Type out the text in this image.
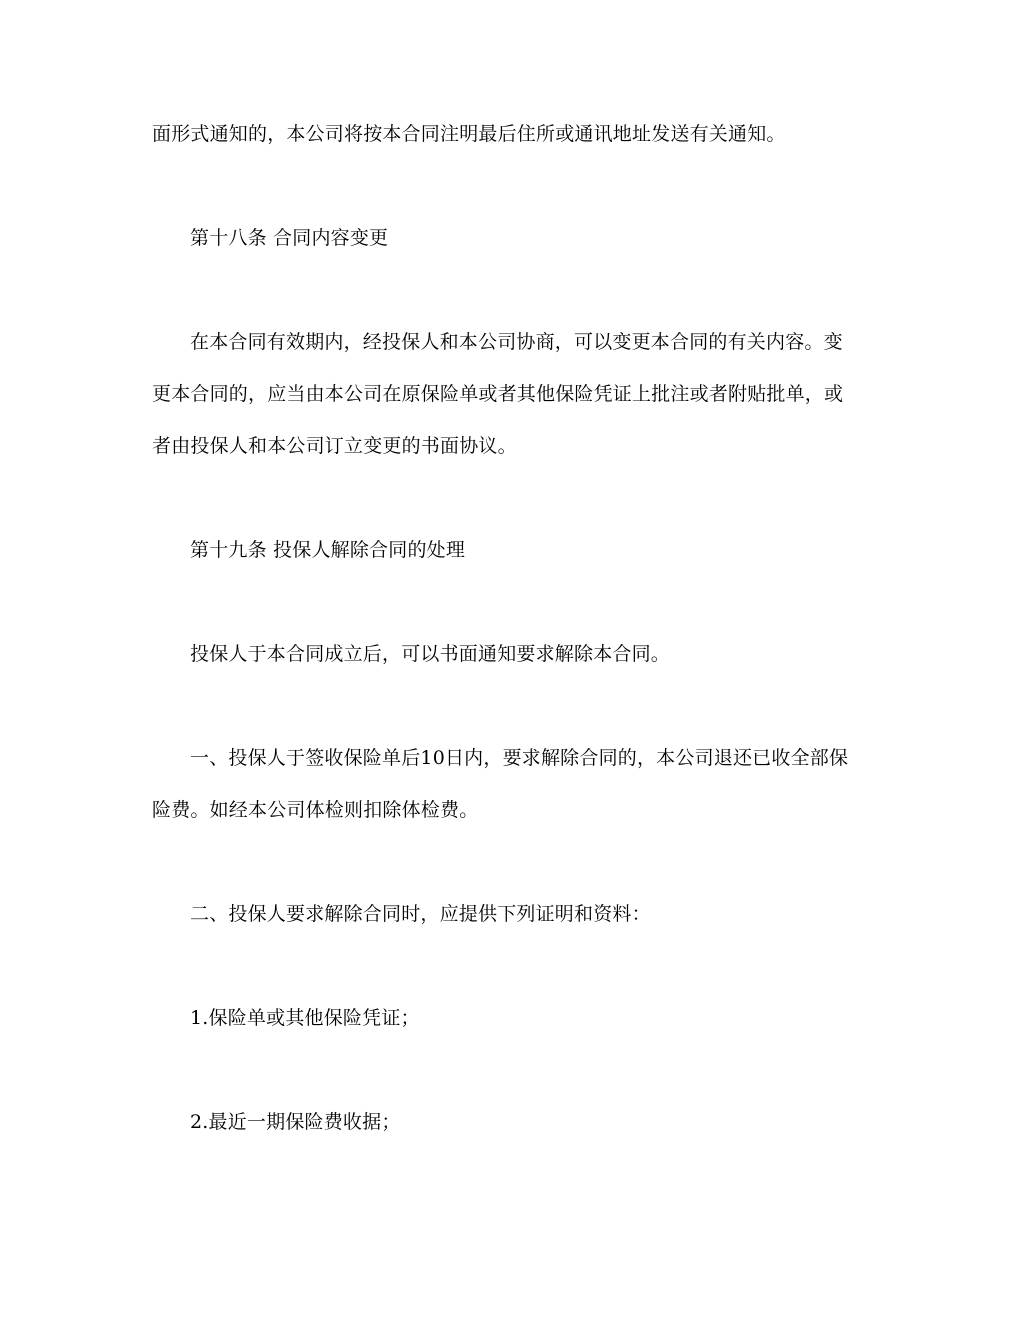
面形式通知的，本公司将按本合同注明最后住所或通讯地址发送有关通知。
第十八条 合同内容变更
在本合同有效期内，经投保人和本公司协商，可以变更本合同的有关内容。变
更本合同的，应当由本公司在原保险单或者其他保险凭证上批注或者附贴批单，或
者由投保人和本公司订立变更的书面协议。
第十九条 投保人解除合同的处理
投保人于本合同成立后，可以书面通知要求解除本合同。
一、投保人于签收保险单后10日内，要求解除合同的，本公司退还已收全部保
险费。如经本公司体检则扣除体检费。
二、投保人要求解除合同时，应提供下列证明和资料：
1.保险单或其他保险凭证；
2.最近一期保险费收据；
